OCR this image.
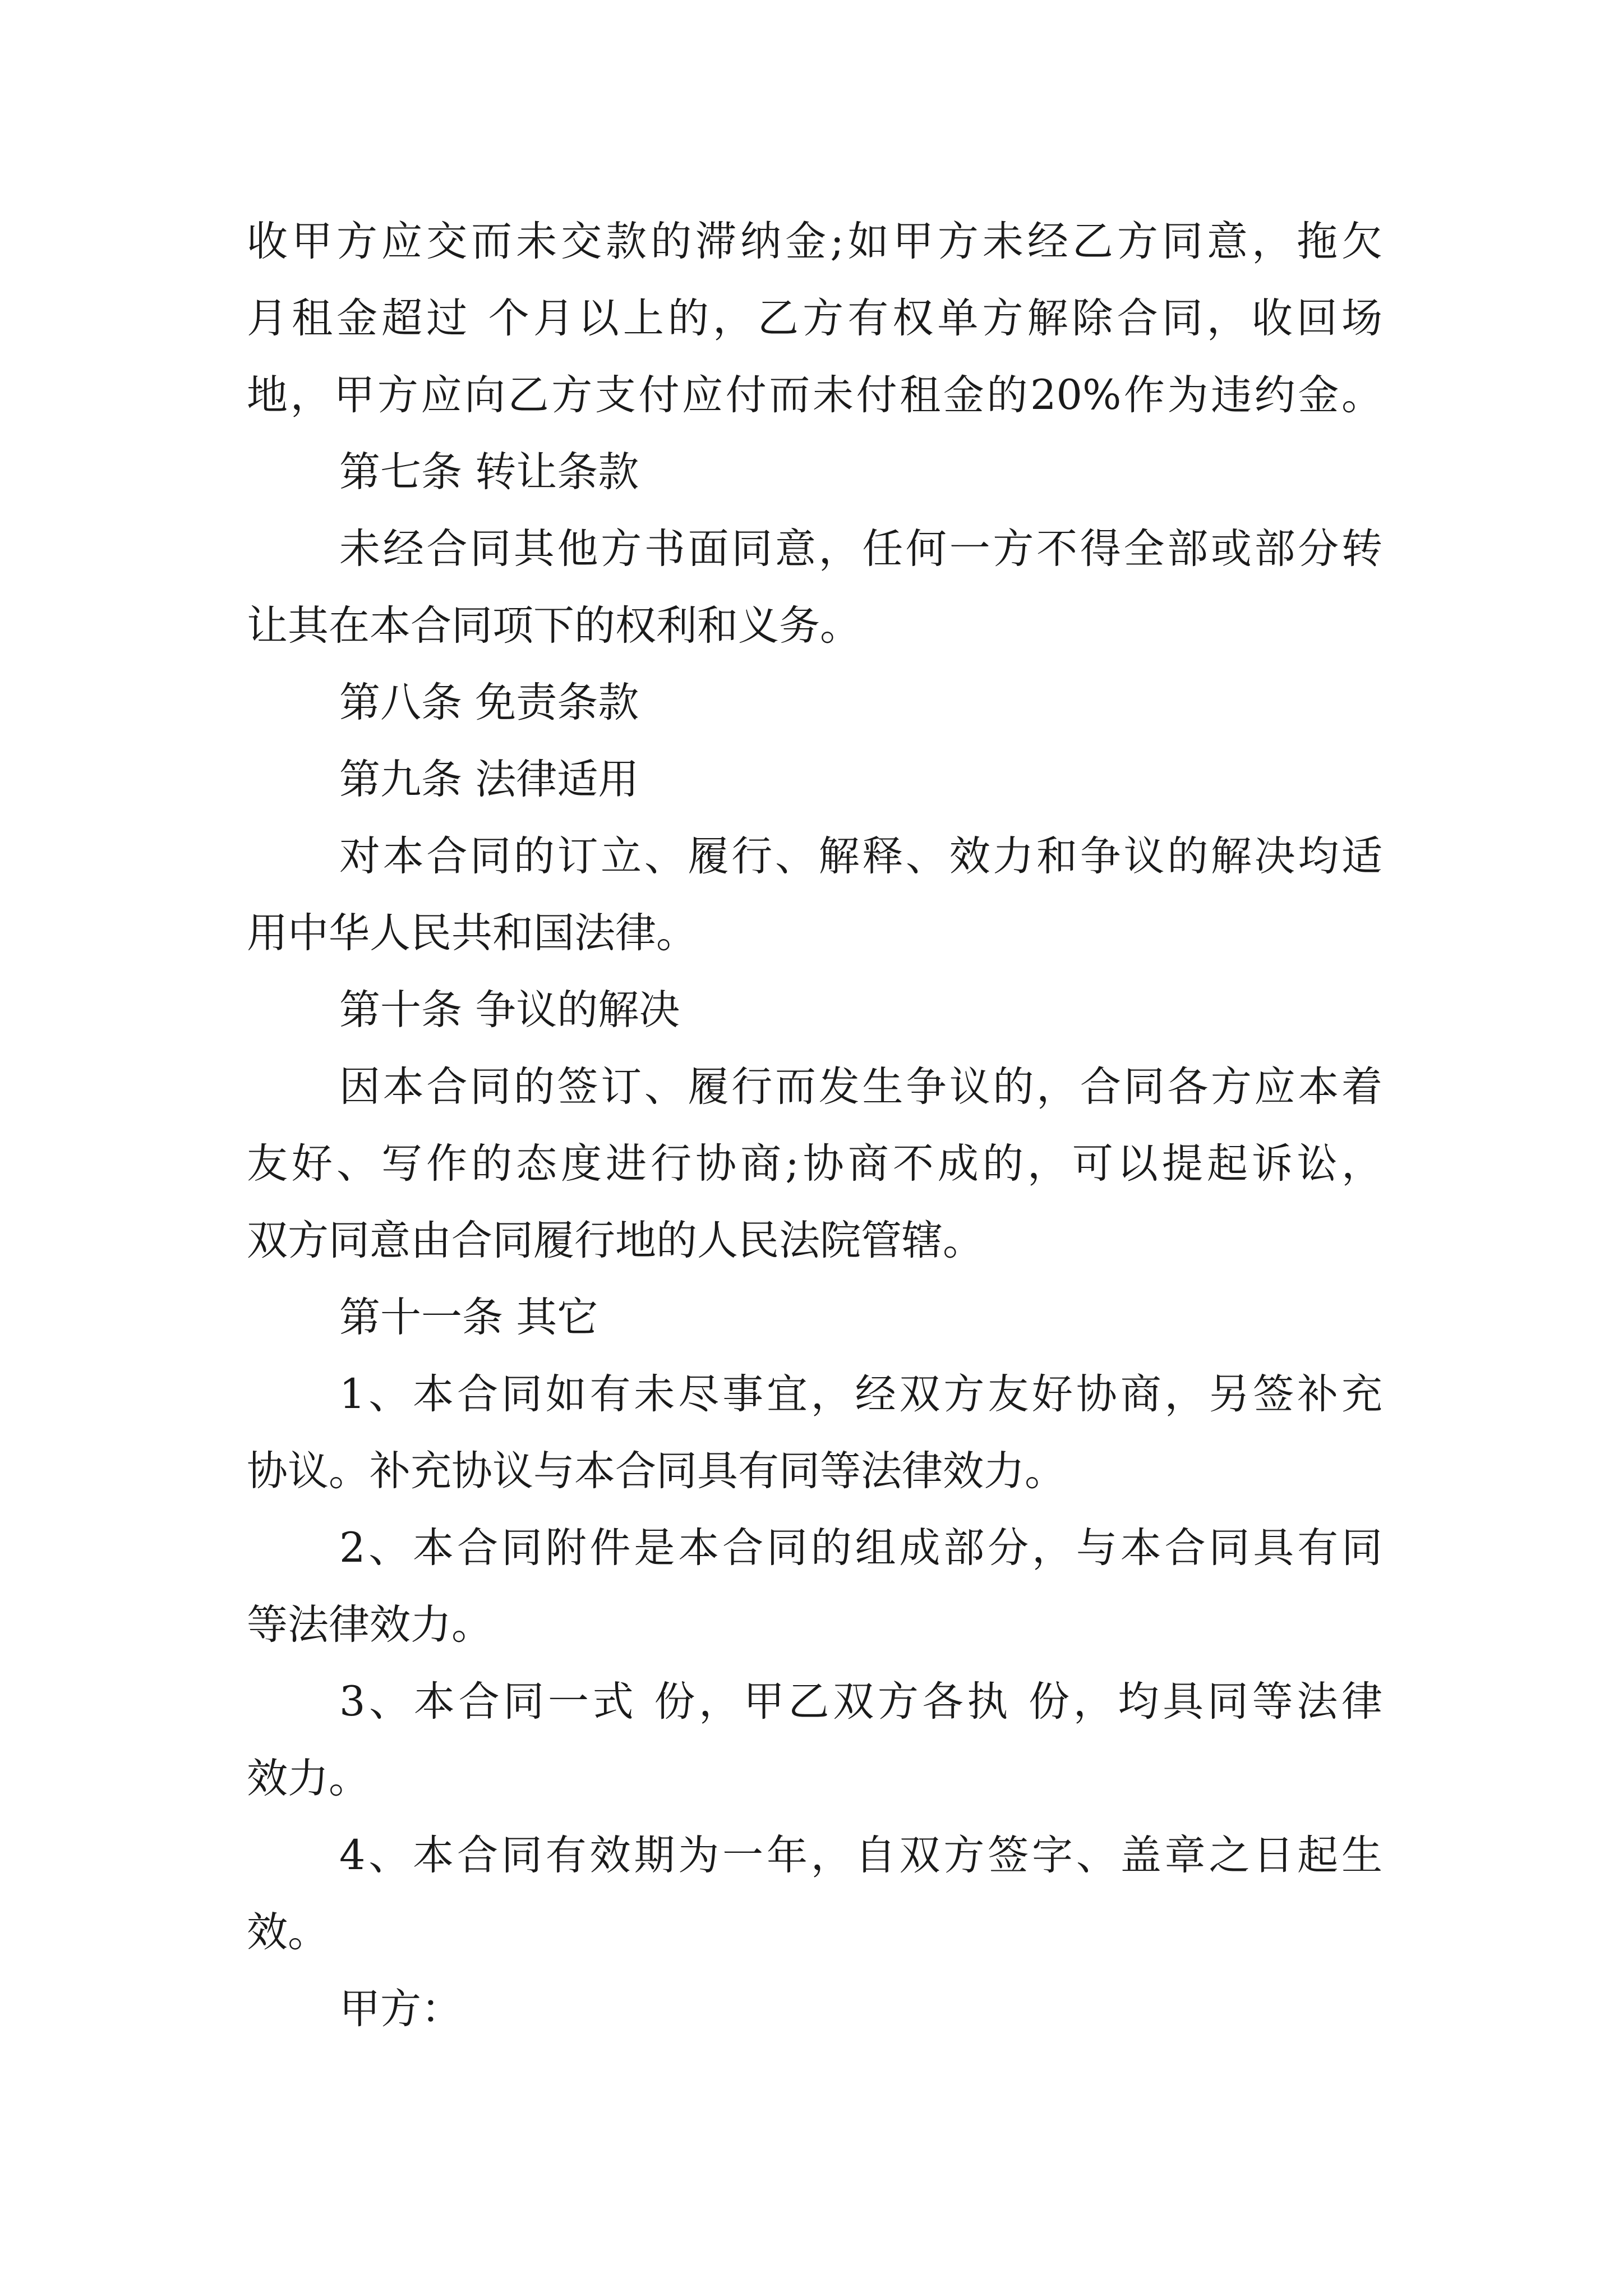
收甲方应交而未交款的滞纳金;如甲方未经乙方同意，拖欠
月租金超过 个月以上的，乙方有权单方解除合同，收回场
地，甲方应向乙方支付应付而未付租金的20%作为违约金。
第七条 转让条款
未经合同其他方书面同意，任何一方不得全部或部分转
让其在本合同项下的权利和义务。
第八条 免责条款
第九条 法律适用
对本合同的订立、履行、解释、效力和争议的解决均适
用中华人民共和国法律。
第十条 争议的解决
因本合同的签订、履行而发生争议的，合同各方应本着
友好、写作的态度进行协商;协商不成的，可以提起诉讼，
双方同意由合同履行地的人民法院管辖。
第十一条 其它
1、本合同如有未尽事宜，经双方友好协商，另签补充
协议。补充协议与本合同具有同等法律效力。
2、本合同附件是本合同的组成部分，与本合同具有同
等法律效力。
3、本合同一式 份，甲乙双方各执 份，均具同等法律
效力。
4、本合同有效期为一年，自双方签字、盖章之日起生
效。
甲方：
